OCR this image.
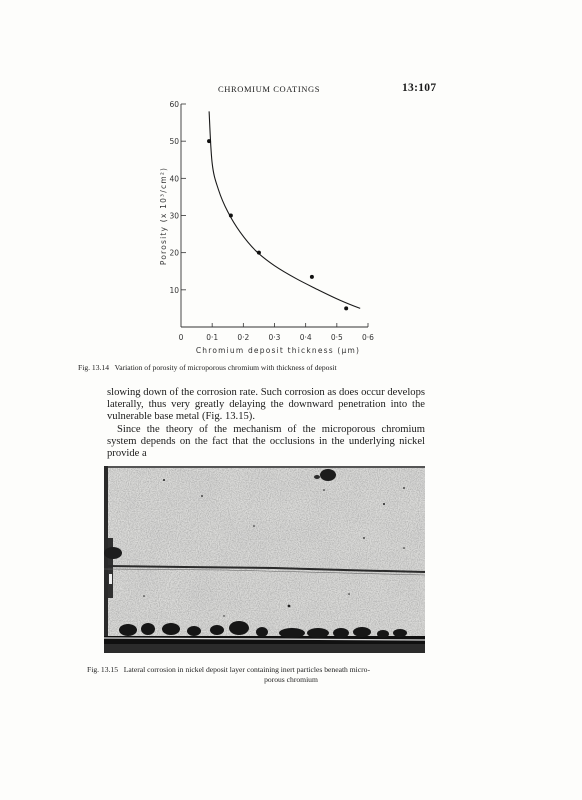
CHROMIUM COATINGS	13:107
10
20
30
40
50
60
0	0·1	0·2	0·3	0·4	0·5	0·6
Chromium deposit thickness (µm)
Porosity (x 10³/cm²)
Fig. 13.14   Variation of porosity of microporous chromium with thickness of deposit

slowing down of the corrosion rate. Such corrosion as does occur develops laterally, thus very greatly delaying the downward penetration into the vulnerable base metal (Fig. 13.15).

Since the theory of the mechanism of the microporous chromium system depends on the fact that the occlusions in the underlying nickel provide a

Fig. 13.15   Lateral corrosion in nickel deposit layer containing inert particles beneath micro-
porous chromium
